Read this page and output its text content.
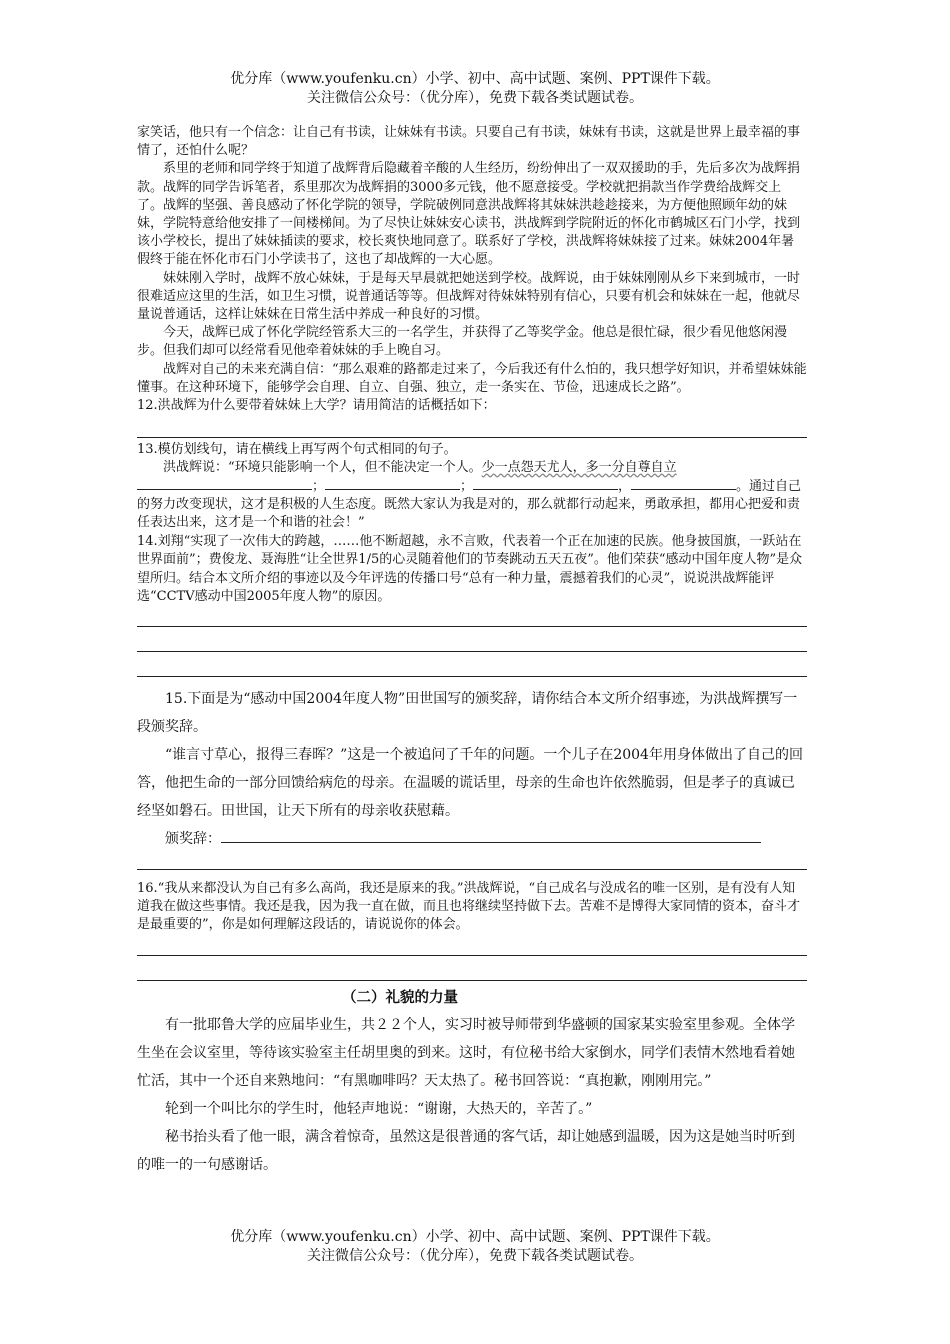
优分库（www.youfenku.cn）小学、初中、高中试题、案例、PPT课件下载。
关注微信公众号：（优分库），免费下载各类试题试卷。

家笑话，他只有一个信念：让自己有书读，让妹妹有书读。只要自己有书读，妹妹有书读，这就是世界上最幸福的事情了，还怕什么呢？

系里的老师和同学终于知道了战辉背后隐藏着辛酸的人生经历，纷纷伸出了一双双援助的手，先后多次为战辉捐款。战辉的同学告诉笔者，系里那次为战辉捐的3000多元钱，他不愿意接受。学校就把捐款当作学费给战辉交上了。战辉的坚强、善良感动了怀化学院的领导，学院破例同意洪战辉将其妹妹洪趁趁接来，为方便他照顾年幼的妹妹，学院特意给他安排了一间楼梯间。为了尽快让妹妹安心读书，洪战辉到学院附近的怀化市鹤城区石门小学，找到该小学校长，提出了妹妹插读的要求，校长爽快地同意了。联系好了学校，洪战辉将妹妹接了过来。妹妹2004年暑假终于能在怀化市石门小学读书了，这也了却战辉的一大心愿。

妹妹刚入学时，战辉不放心妹妹，于是每天早晨就把她送到学校。战辉说，由于妹妹刚刚从乡下来到城市，一时很难适应这里的生活，如卫生习惯，说普通话等等。但战辉对待妹妹特别有信心，只要有机会和妹妹在一起，他就尽量说普通话，这样让妹妹在日常生活中养成一种良好的习惯。

今天，战辉已成了怀化学院经管系大三的一名学生，并获得了乙等奖学金。他总是很忙碌，很少看见他悠闲漫步。但我们却可以经常看见他牵着妹妹的手上晚自习。

战辉对自己的未来充满自信：“那么艰难的路都走过来了，今后我还有什么怕的，我只想学好知识，并希望妹妹能懂事。在这种环境下，能够学会自理、自立、自强、独立，走一条实在、节俭，迅速成长之路”。

12.洪战辉为什么要带着妹妹上大学？请用简洁的话概括如下：

13.模仿划线句，请在横线上再写两个句式相同的句子。

洪战辉说：“环境只能影响一个人，但不能决定一个人。少一点怨天尤人，多一分自尊自立；	；	，	。通过自己的努力改变现状，这才是积极的人生态度。既然大家认为我是对的，那么就都行动起来，勇敢承担，都用心把爱和责任表达出来，这才是一个和谐的社会！”

14.刘翔“实现了一次伟大的跨越，……他不断超越，永不言败，代表着一个正在加速的民族。他身披国旗，一跃站在世界面前”；费俊龙、聂海胜“让全世界1/5的心灵随着他们的节奏跳动五天五夜”。他们荣获“感动中国年度人物”是众望所归。结合本文所介绍的事迹以及今年评选的传播口号“总有一种力量，震撼着我们的心灵”，说说洪战辉能评选“CCTV感动中国2005年度人物”的原因。

15.下面是为“感动中国2004年度人物”田世国写的颁奖辞，请你结合本文所介绍事迹，为洪战辉撰写一段颁奖辞。

“谁言寸草心，报得三春晖？”这是一个被追问了千年的问题。一个儿子在2004年用身体做出了自己的回答，他把生命的一部分回馈给病危的母亲。在温暖的谎话里，母亲的生命也许依然脆弱，但是孝子的真诚已经坚如磐石。田世国，让天下所有的母亲收获慰藉。

颁奖辞：

16.“我从来都没认为自己有多么高尚，我还是原来的我。”洪战辉说，“自己成名与没成名的唯一区别，是有没有人知道我在做这些事情。我还是我，因为我一直在做，而且也将继续坚持做下去。苦难不是博得大家同情的资本，奋斗才是最重要的”，你是如何理解这段话的，请说说你的体会。

（二）礼貌的力量

有一批耶鲁大学的应届毕业生，共２２个人，实习时被导师带到华盛顿的国家某实验室里参观。全体学生坐在会议室里，等待该实验室主任胡里奥的到来。这时，有位秘书给大家倒水，同学们表情木然地看着她忙活，其中一个还自来熟地问：“有黑咖啡吗？天太热了。秘书回答说：“真抱歉，刚刚用完。”

轮到一个叫比尔的学生时，他轻声地说：“谢谢，大热天的，辛苦了。”

秘书抬头看了他一眼，满含着惊奇，虽然这是很普通的客气话，却让她感到温暖，因为这是她当时听到的唯一的一句感谢话。

优分库（www.youfenku.cn）小学、初中、高中试题、案例、PPT课件下载。
关注微信公众号：（优分库），免费下载各类试题试卷。
